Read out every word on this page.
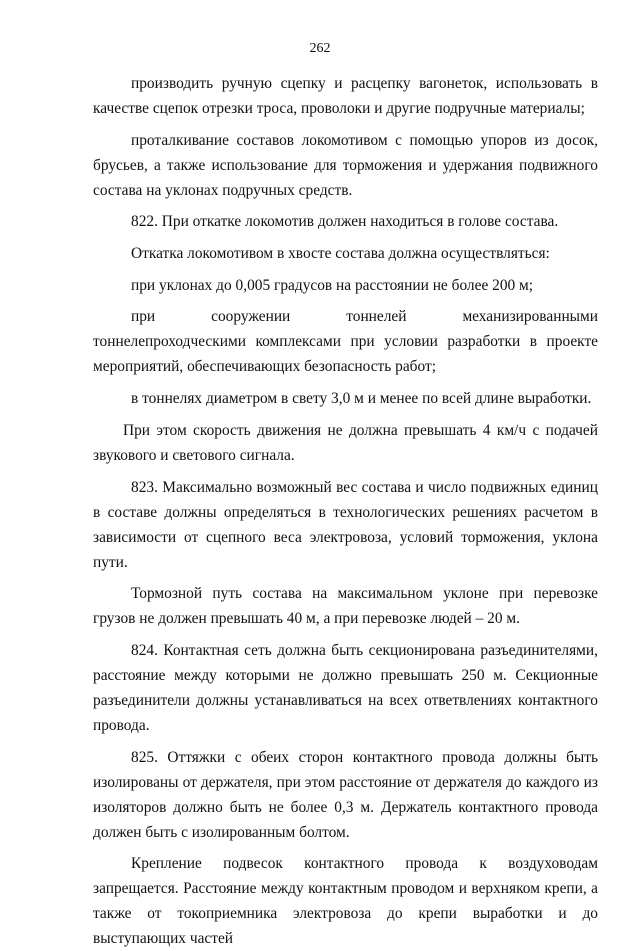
262

производить ручную сцепку и расцепку вагонеток, использовать в качестве сцепок отрезки троса, проволоки и другие подручные материалы;

проталкивание составов локомотивом с помощью упоров из досок, брусьев, а также использование для торможения и удержания подвижного состава на уклонах подручных средств.

822. При откатке локомотив должен находиться в голове состава.

Откатка локомотивом в хвосте состава должна осуществляться:

при уклонах до 0,005 градусов на расстоянии не более 200 м;

при сооружении тоннелей механизированными тоннелепроходческими комплексами при условии разработки в проекте мероприятий, обеспечивающих безопасность работ;

в тоннелях диаметром в свету 3,0 м и менее по всей длине выработки.

При этом скорость движения не должна превышать 4 км/ч с подачей звукового и светового сигнала.

823. Максимально возможный вес состава и число подвижных единиц в составе должны определяться в технологических решениях расчетом в зависимости от сцепного веса электровоза, условий торможения, уклона пути.

Тормозной путь состава на максимальном уклоне при перевозке грузов не должен превышать 40 м, а при перевозке людей – 20 м.

824. Контактная сеть должна быть секционирована разъединителями, расстояние между которыми не должно превышать 250 м. Секционные разъединители должны устанавливаться на всех ответвлениях контактного провода.

825. Оттяжки с обеих сторон контактного провода должны быть изолированы от держателя, при этом расстояние от держателя до каждого из изоляторов должно быть не более 0,3 м. Держатель контактного провода должен быть с изолированным болтом.

Крепление подвесок контактного провода к воздуховодам запрещается. Расстояние между контактным проводом и верхняком крепи, а также от токоприемника электровоза до крепи выработки и до выступающих частей
